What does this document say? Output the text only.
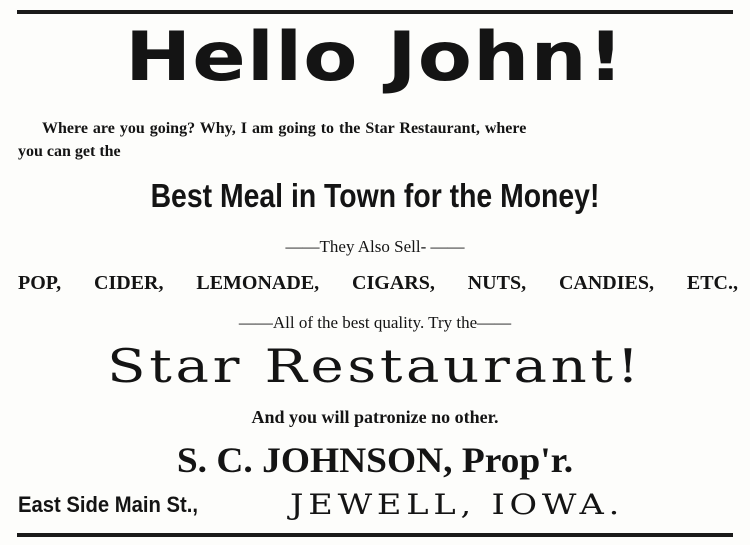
Hello John!
Where are you going? Why, I am going to the Star Restaurant, where
you can get the
Best Meal in Town for the Money!
——They Also Sell- ——
POP, CIDER, LEMONADE, CIGARS, NUTS, CANDIES, ETC.,
——All of the best quality. Try the——
Star Restaurant!
And you will patronize no other.
S. C. JOHNSON, Prop'r.
East Side Main St.,	JEWELL, IOWA.
